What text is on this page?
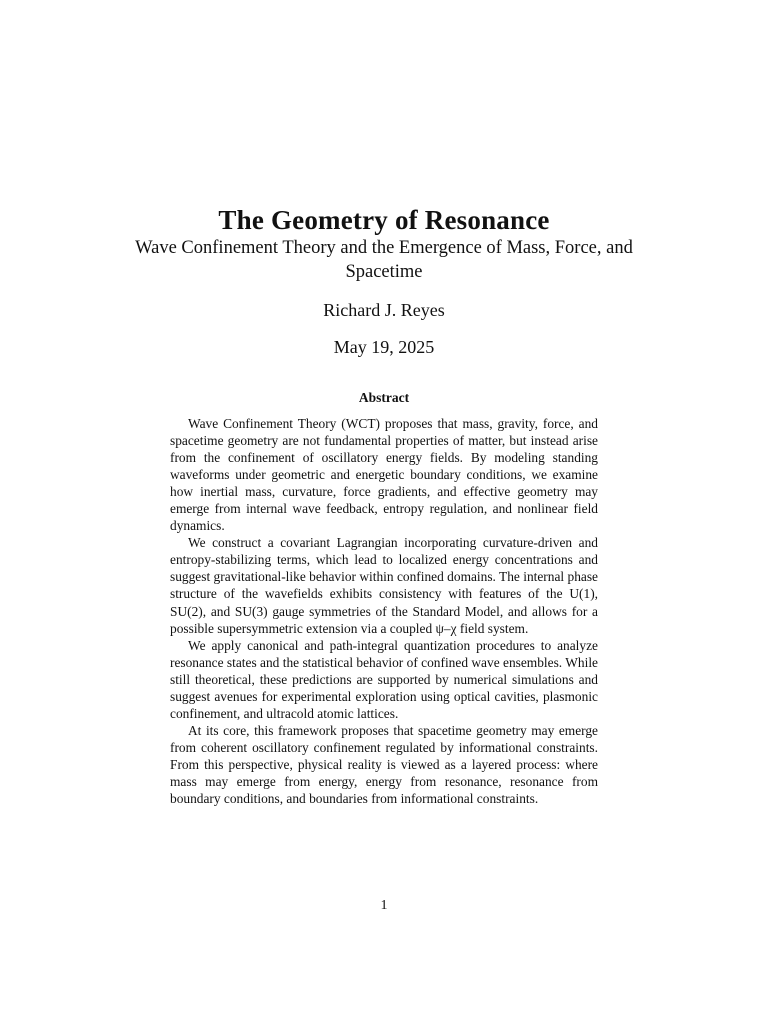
The Geometry of Resonance
Wave Confinement Theory and the Emergence of Mass, Force, and Spacetime
Richard J. Reyes
May 19, 2025
Abstract

Wave Confinement Theory (WCT) proposes that mass, gravity, force, and spacetime geometry are not fundamental properties of matter, but instead arise from the confinement of oscillatory energy fields. By modeling standing waveforms under geometric and energetic boundary conditions, we examine how inertial mass, curvature, force gradients, and effective geometry may emerge from internal wave feedback, entropy regulation, and nonlinear field dynamics.

We construct a covariant Lagrangian incorporating curvature-driven and entropy-stabilizing terms, which lead to localized energy concentrations and suggest gravitational-like behavior within confined domains. The internal phase structure of the wavefields exhibits consistency with features of the U(1), SU(2), and SU(3) gauge symmetries of the Standard Model, and allows for a possible supersymmetric extension via a coupled ψ–χ field system.

We apply canonical and path-integral quantization procedures to analyze resonance states and the statistical behavior of confined wave ensembles. While still theoretical, these predictions are supported by numerical simulations and suggest avenues for experimental exploration using optical cavities, plasmonic confinement, and ultracold atomic lattices.

At its core, this framework proposes that spacetime geometry may emerge from coherent oscillatory confinement regulated by informational constraints. From this perspective, physical reality is viewed as a layered process: where mass may emerge from energy, energy from resonance, resonance from boundary conditions, and boundaries from informational constraints.

1
